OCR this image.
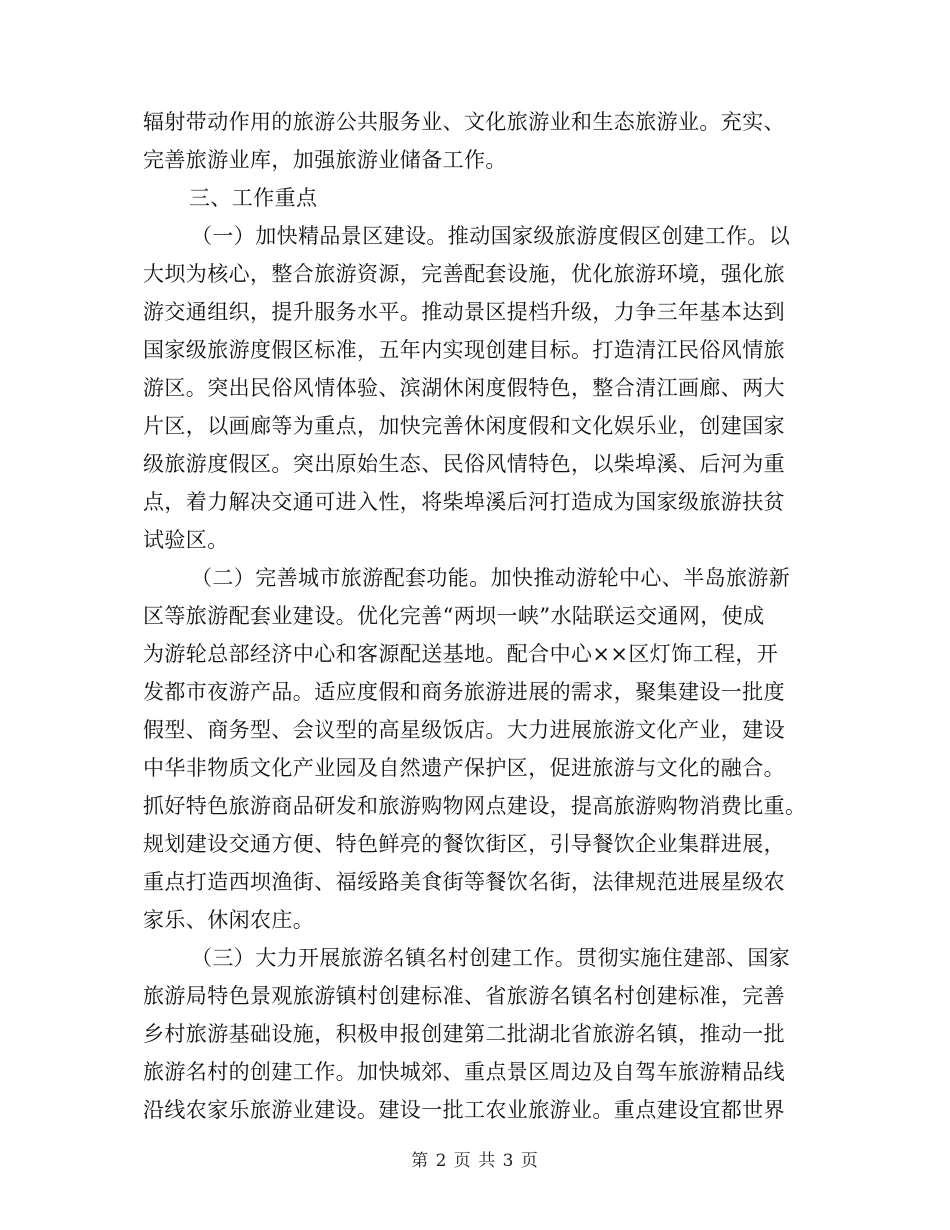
辐射带动作用的旅游公共服务业、文化旅游业和生态旅游业。充实、
完善旅游业库，加强旅游业储备工作。
三、工作重点
（一）加快精品景区建设。推动国家级旅游度假区创建工作。以
大坝为核心，整合旅游资源，完善配套设施，优化旅游环境，强化旅
游交通组织，提升服务水平。推动景区提档升级，力争三年基本达到
国家级旅游度假区标准，五年内实现创建目标。打造清江民俗风情旅
游区。突出民俗风情体验、滨湖休闲度假特色，整合清江画廊、两大
片区，以画廊等为重点，加快完善休闲度假和文化娱乐业，创建国家
级旅游度假区。突出原始生态、民俗风情特色，以柴埠溪、后河为重
点，着力解决交通可进入性，将柴埠溪后河打造成为国家级旅游扶贫
试验区。
（二）完善城市旅游配套功能。加快推动游轮中心、半岛旅游新
区等旅游配套业建设。优化完善“两坝一峡”水陆联运交通网，使成
为游轮总部经济中心和客源配送基地。配合中心××区灯饰工程，开
发都市夜游产品。适应度假和商务旅游进展的需求，聚集建设一批度
假型、商务型、会议型的高星级饭店。大力进展旅游文化产业，建设
中华非物质文化产业园及自然遗产保护区，促进旅游与文化的融合。
抓好特色旅游商品研发和旅游购物网点建设，提高旅游购物消费比重。
规划建设交通方便、特色鲜亮的餐饮街区，引导餐饮企业集群进展，
重点打造西坝渔街、福绥路美食街等餐饮名街，法律规范进展星级农
家乐、休闲农庄。
（三）大力开展旅游名镇名村创建工作。贯彻实施住建部、国家
旅游局特色景观旅游镇村创建标准、省旅游名镇名村创建标准，完善
乡村旅游基础设施，积极申报创建第二批湖北省旅游名镇，推动一批
旅游名村的创建工作。加快城郊、重点景区周边及自驾车旅游精品线
沿线农家乐旅游业建设。建设一批工农业旅游业。重点建设宜都世界
第 2 页 共 3 页
